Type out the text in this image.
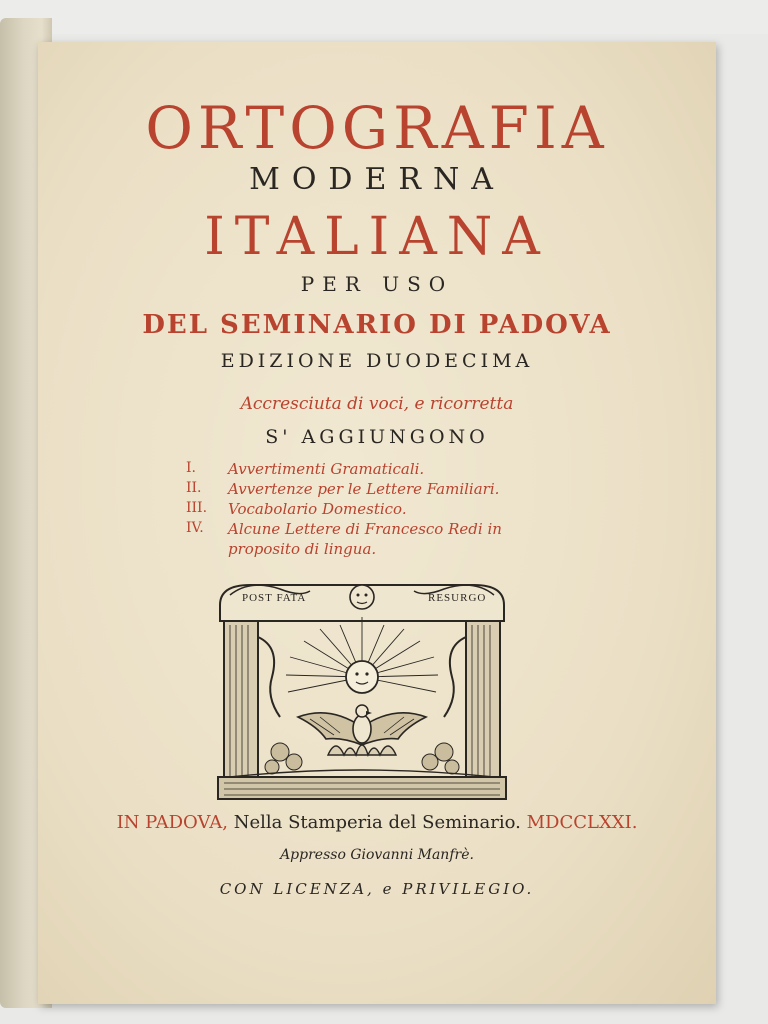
ORTOGRAFIA
MODERNA
ITALIANA
PER USO
DEL SEMINARIO DI PADOVA
EDIZIONE DUODECIMA
Accresciuta di voci, e ricorretta
S' AGGIUNGONO
I. Avvertimenti Gramaticali.
II. Avvertenze per le Lettere Familiari.
III. Vocabolario Domestico.
IV. Alcune Lettere di Francesco Redi in
proposito di lingua.
POST FATA	RESURGO
IN PADOVA, Nella Stamperia del Seminario. MDCCLXXI.
Appresso Giovanni Manfrè.
CON LICENZA, e PRIVILEGIO.
